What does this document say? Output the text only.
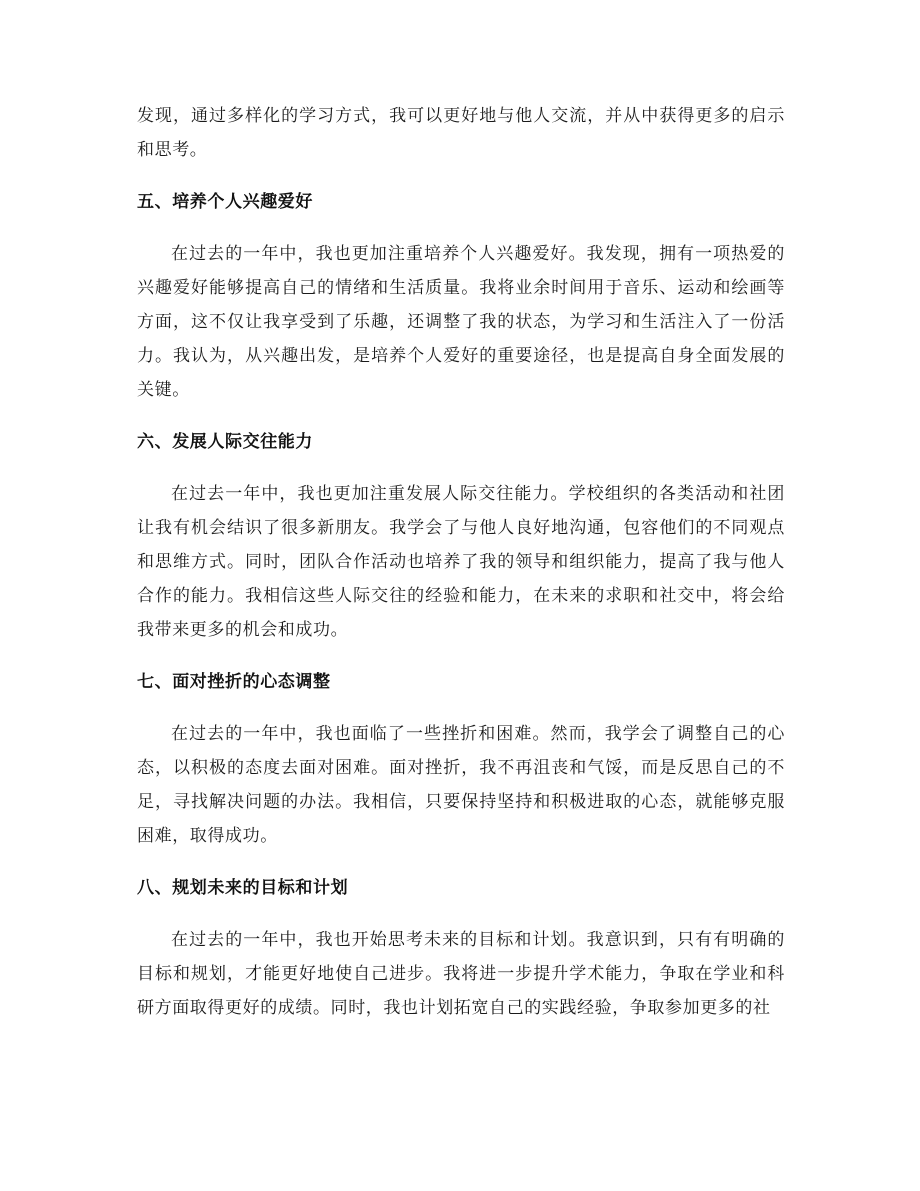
发现，通过多样化的学习方式，我可以更好地与他人交流，并从中获得更多的启示和思考。

五、培养个人兴趣爱好

在过去的一年中，我也更加注重培养个人兴趣爱好。我发现，拥有一项热爱的兴趣爱好能够提高自己的情绪和生活质量。我将业余时间用于音乐、运动和绘画等方面，这不仅让我享受到了乐趣，还调整了我的状态，为学习和生活注入了一份活力。我认为，从兴趣出发，是培养个人爱好的重要途径，也是提高自身全面发展的关键。

六、发展人际交往能力

在过去一年中，我也更加注重发展人际交往能力。学校组织的各类活动和社团让我有机会结识了很多新朋友。我学会了与他人良好地沟通，包容他们的不同观点和思维方式。同时，团队合作活动也培养了我的领导和组织能力，提高了我与他人合作的能力。我相信这些人际交往的经验和能力，在未来的求职和社交中，将会给我带来更多的机会和成功。

七、面对挫折的心态调整

在过去的一年中，我也面临了一些挫折和困难。然而，我学会了调整自己的心态，以积极的态度去面对困难。面对挫折，我不再沮丧和气馁，而是反思自己的不足，寻找解决问题的办法。我相信，只要保持坚持和积极进取的心态，就能够克服困难，取得成功。

八、规划未来的目标和计划

在过去的一年中，我也开始思考未来的目标和计划。我意识到，只有有明确的目标和规划，才能更好地使自己进步。我将进一步提升学术能力，争取在学业和科研方面取得更好的成绩。同时，我也计划拓宽自己的实践经验，争取参加更多的社
